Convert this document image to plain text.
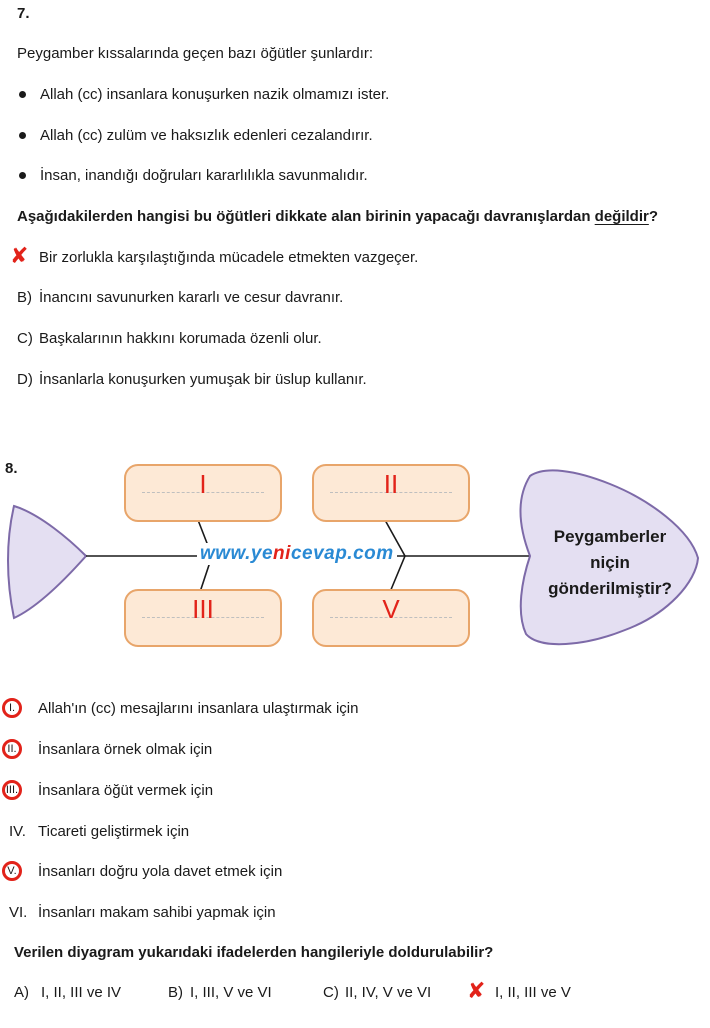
7.
Peygamber kıssalarında geçen bazı öğütler şunlardır:
Allah (cc) insanlara konuşurken nazik olmamızı ister.
Allah (cc) zulüm ve haksızlık edenleri cezalandırır.
İnsan, inandığı doğruları kararlılıkla savunmalıdır.
Aşağıdakilerden hangisi bu öğütleri dikkate alan birinin yapacağı davranışlardan değildir?
✘ Bir zorlukla karşılaştığında mücadele etmekten vazgeçer.
B) İnancını savunurken kararlı ve cesur davranır.
C) Başkalarının hakkını korumada özenli olur.
D) İnsanlarla konuşurken yumuşak bir üslup kullanır.
8.
I	II
III	V
www.yenicevap.com
Peygamberler
niçin
gönderilmiştir?
I.	Allah'ın (cc) mesajlarını insanlara ulaştırmak için
II.	İnsanlara örnek olmak için
III. İnsanlara öğüt vermek için
IV. Ticareti geliştirmek için
V.	İnsanları doğru yola davet etmek için
VI. İnsanları makam sahibi yapmak için
Verilen diyagram yukarıdaki ifadelerden hangileriyle doldurulabilir?
A) I, II, III ve IV	B) I, III, V ve VI	C) II, IV, V ve VI ✘ I, II, III ve V
